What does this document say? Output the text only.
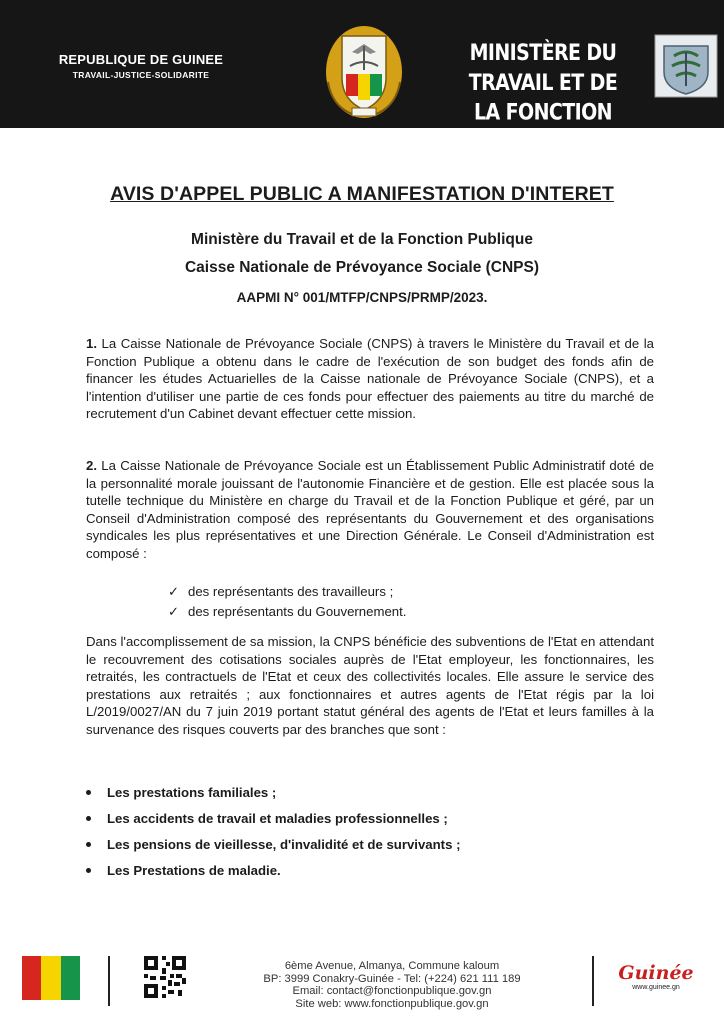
REPUBLIQUE DE GUINEE
TRAVAIL-JUSTICE-SOLIDARITE
MINISTÈRE DU TRAVAIL ET DE
LA FONCTION PUBLIQUE
AVIS D'APPEL PUBLIC A MANIFESTATION D'INTERET
Ministère du Travail et de la Fonction Publique
Caisse Nationale de Prévoyance Sociale (CNPS)
AAPMI N° 001/MTFP/CNPS/PRMP/2023.
1. La Caisse Nationale de Prévoyance Sociale (CNPS) à travers le Ministère du Travail et de la Fonction Publique a obtenu dans le cadre de l'exécution de son budget des fonds afin de financer les études Actuarielles de la Caisse nationale de Prévoyance Sociale (CNPS), et a l'intention d'utiliser une partie de ces fonds pour effectuer des paiements au titre du marché de recrutement d'un Cabinet devant effectuer cette mission.
2. La Caisse Nationale de Prévoyance Sociale est un Établissement Public Administratif doté de la personnalité morale jouissant de l'autonomie Financière et de gestion. Elle est placée sous la tutelle technique du Ministère en charge du Travail et de la Fonction Publique et géré, par un Conseil d'Administration composé des représentants du Gouvernement et des organisations syndicales les plus représentatives et une Direction Générale. Le Conseil d'Administration est composé :
✓ des représentants des travailleurs ;
✓ des représentants du Gouvernement.
Dans l'accomplissement de sa mission, la CNPS bénéficie des subventions de l'Etat en attendant le recouvrement des cotisations sociales auprès de l'Etat employeur, les fonctionnaires, les retraités, les contractuels de l'Etat et ceux des collectivités locales. Elle assure le service des prestations aux retraités ; aux fonctionnaires et autres agents de l'Etat régis par la loi L/2019/0027/AN du 7 juin 2019 portant statut général des agents de l'Etat et leurs familles à la survenance des risques couverts par des branches que sont :
Les prestations familiales ;
Les accidents de travail et maladies professionnelles ;
Les pensions de vieillesse, d'invalidité et de survivants ;
Les Prestations de maladie.
6ème Avenue, Almanya, Commune kaloum
BP: 3999 Conakry-Guinée - Tel: (+224) 621 111 189
Email: contact@fonctionpublique.gov.gn
Site web: www.fonctionpublique.gov.gn
Guinée
www.guinee.gn
